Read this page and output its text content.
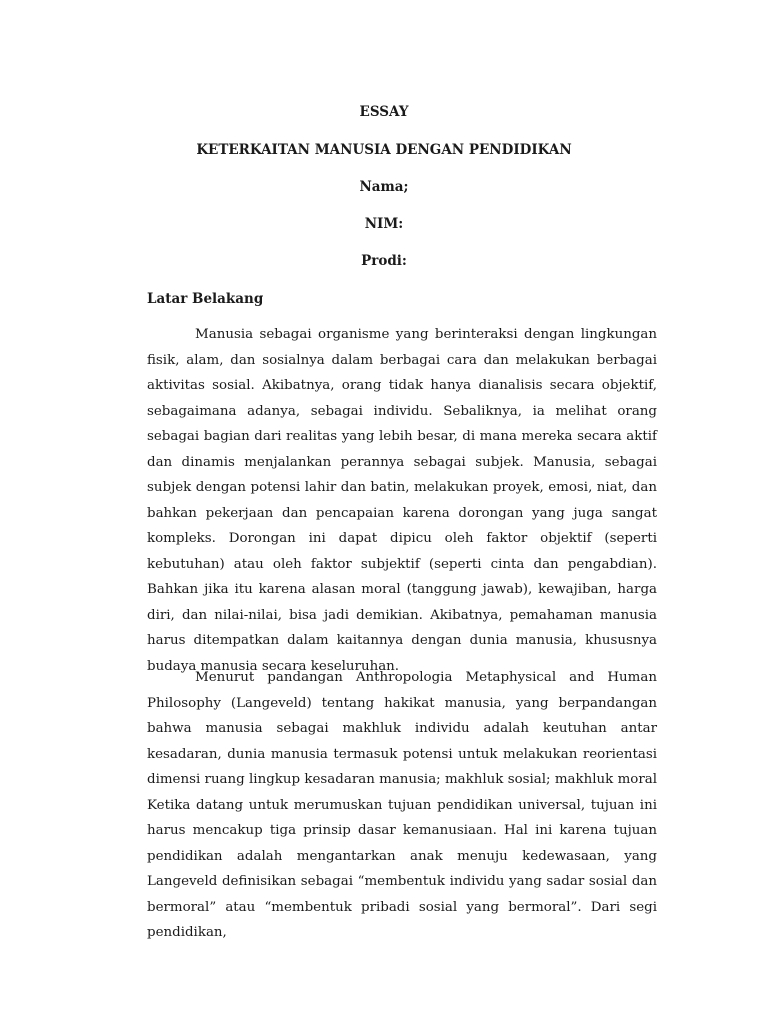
ESSAY
KETERKAITAN MANUSIA DENGAN PENDIDIKAN
Nama;
NIM:
Prodi:
Latar Belakang

Manusia sebagai organisme yang berinteraksi dengan lingkungan fisik, alam, dan sosialnya dalam berbagai cara dan melakukan berbagai aktivitas sosial. Akibatnya, orang tidak hanya dianalisis secara objektif, sebagaimana adanya, sebagai individu. Sebaliknya, ia melihat orang sebagai bagian dari realitas yang lebih besar, di mana mereka secara aktif dan dinamis menjalankan perannya sebagai subjek. Manusia, sebagai subjek dengan potensi lahir dan batin, melakukan proyek, emosi, niat, dan bahkan pekerjaan dan pencapaian karena dorongan yang juga sangat kompleks. Dorongan ini dapat dipicu oleh faktor objektif (seperti kebutuhan) atau oleh faktor subjektif (seperti cinta dan pengabdian). Bahkan jika itu karena alasan moral (tanggung jawab), kewajiban, harga diri, dan nilai-nilai, bisa jadi demikian. Akibatnya, pemahaman manusia harus ditempatkan dalam kaitannya dengan dunia manusia, khususnya budaya manusia secara keseluruhan.

Menurut pandangan Anthropologia Metaphysical and Human Philosophy (Langeveld) tentang hakikat manusia, yang berpandangan bahwa manusia sebagai makhluk individu adalah keutuhan antar kesadaran, dunia manusia termasuk potensi untuk melakukan reorientasi dimensi ruang lingkup kesadaran manusia; makhluk sosial; makhluk moral Ketika datang untuk merumuskan tujuan pendidikan universal, tujuan ini harus mencakup tiga prinsip dasar kemanusiaan. Hal ini karena tujuan pendidikan adalah mengantarkan anak menuju kedewasaan, yang Langeveld definisikan sebagai “membentuk individu yang sadar sosial dan bermoral” atau “membentuk pribadi sosial yang bermoral”. Dari segi pendidikan,
